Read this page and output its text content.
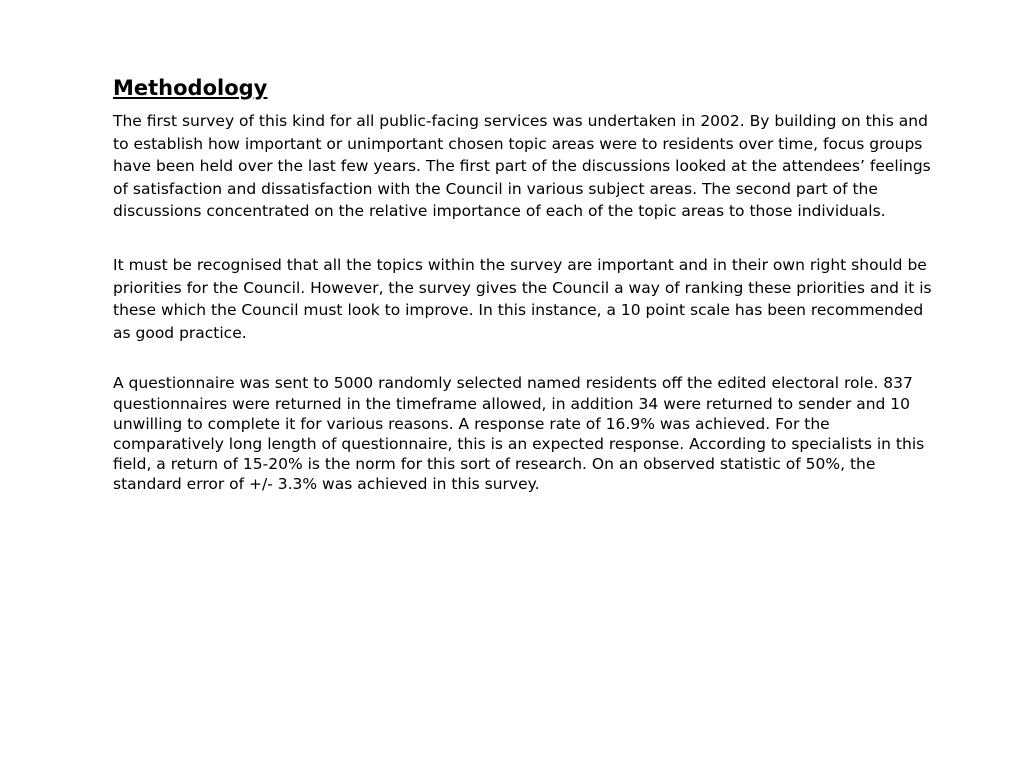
Methodology

The first survey of this kind for all public-facing services was undertaken in 2002. By building on this and to establish how important or unimportant chosen topic areas were to residents over time, focus groups have been held over the last few years. The first part of the discussions looked at the attendees’ feelings of satisfaction and dissatisfaction with the Council in various subject areas. The second part of the discussions concentrated on the relative importance of each of the topic areas to those individuals.

It must be recognised that all the topics within the survey are important and in their own right should be priorities for the Council. However, the survey gives the Council a way of ranking these priorities and it is these which the Council must look to improve. In this instance, a 10 point scale has been recommended as good practice.

A questionnaire was sent to 5000 randomly selected named residents off the edited electoral role. 837 questionnaires were returned in the timeframe allowed, in addition 34 were returned to sender and 10 unwilling to complete it for various reasons. A response rate of 16.9% was achieved. For the comparatively long length of questionnaire, this is an expected response. According to specialists in this field, a return of 15-20% is the norm for this sort of research. On an observed statistic of 50%, the standard error of +/- 3.3% was achieved in this survey.
